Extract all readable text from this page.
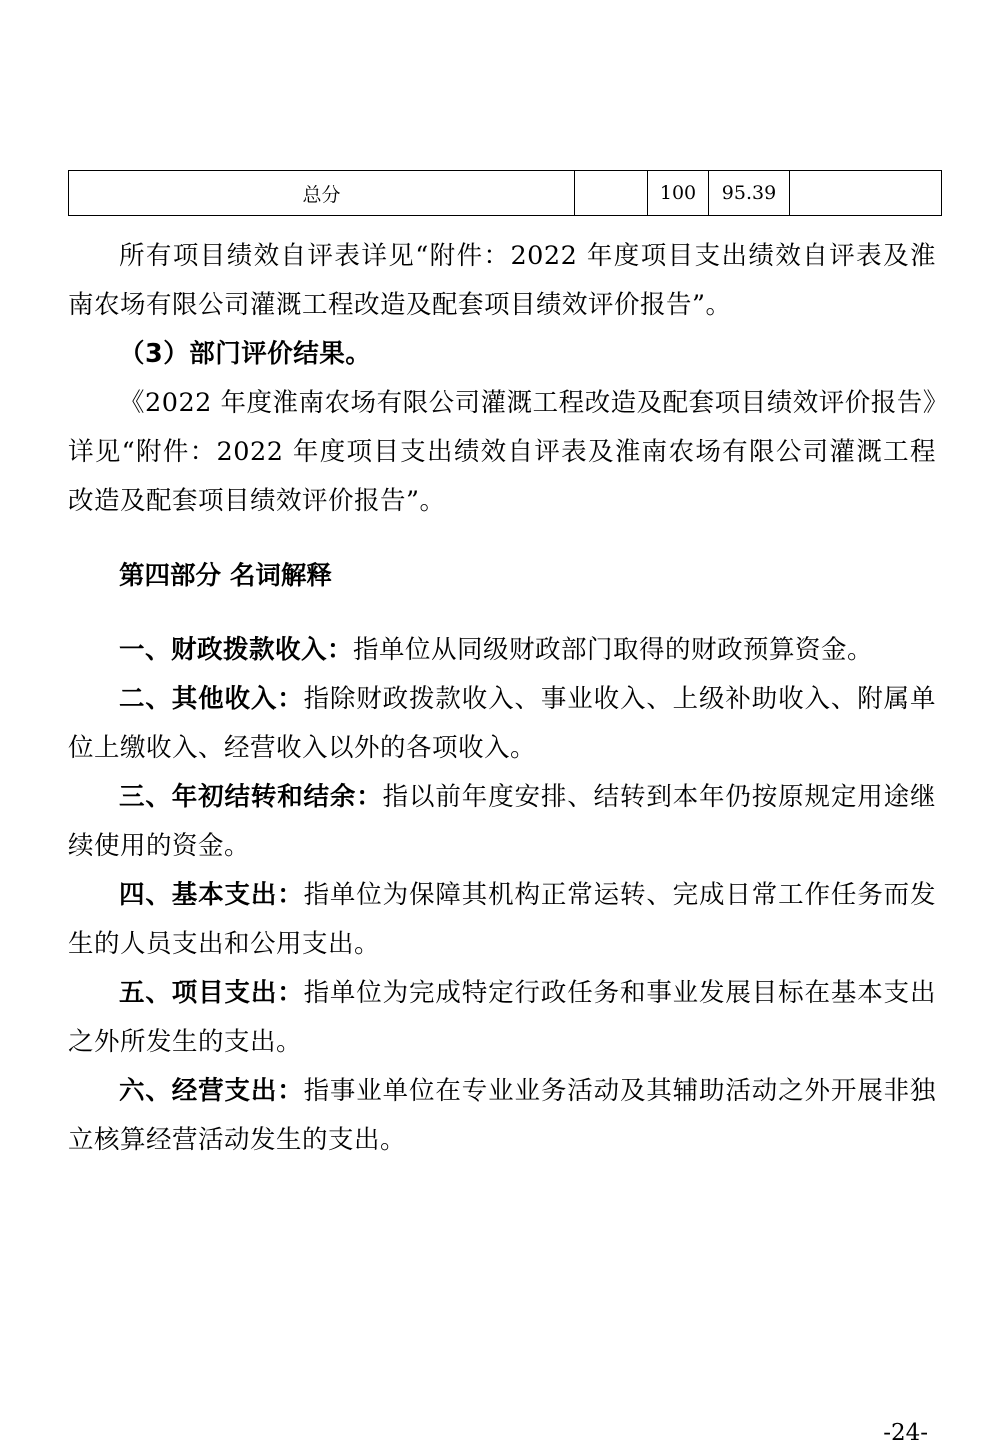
总分		100	95.39	

所有项目绩效自评表详见“附件：2022 年度项目支出绩效自评表及淮南农场有限公司灌溉工程改造及配套项目绩效评价报告”。

（3）部门评价结果。

《2022 年度淮南农场有限公司灌溉工程改造及配套项目绩效评价报告》详见“附件：2022 年度项目支出绩效自评表及淮南农场有限公司灌溉工程改造及配套项目绩效评价报告”。

第四部分 名词解释

一、财政拨款收入：指单位从同级财政部门取得的财政预算资金。

二、其他收入：指除财政拨款收入、事业收入、上级补助收入、附属单位上缴收入、经营收入以外的各项收入。

三、年初结转和结余：指以前年度安排、结转到本年仍按原规定用途继续使用的资金。

四、基本支出：指单位为保障其机构正常运转、完成日常工作任务而发生的人员支出和公用支出。

五、项目支出：指单位为完成特定行政任务和事业发展目标在基本支出之外所发生的支出。

六、经营支出：指事业单位在专业业务活动及其辅助活动之外开展非独立核算经营活动发生的支出。

-24-
